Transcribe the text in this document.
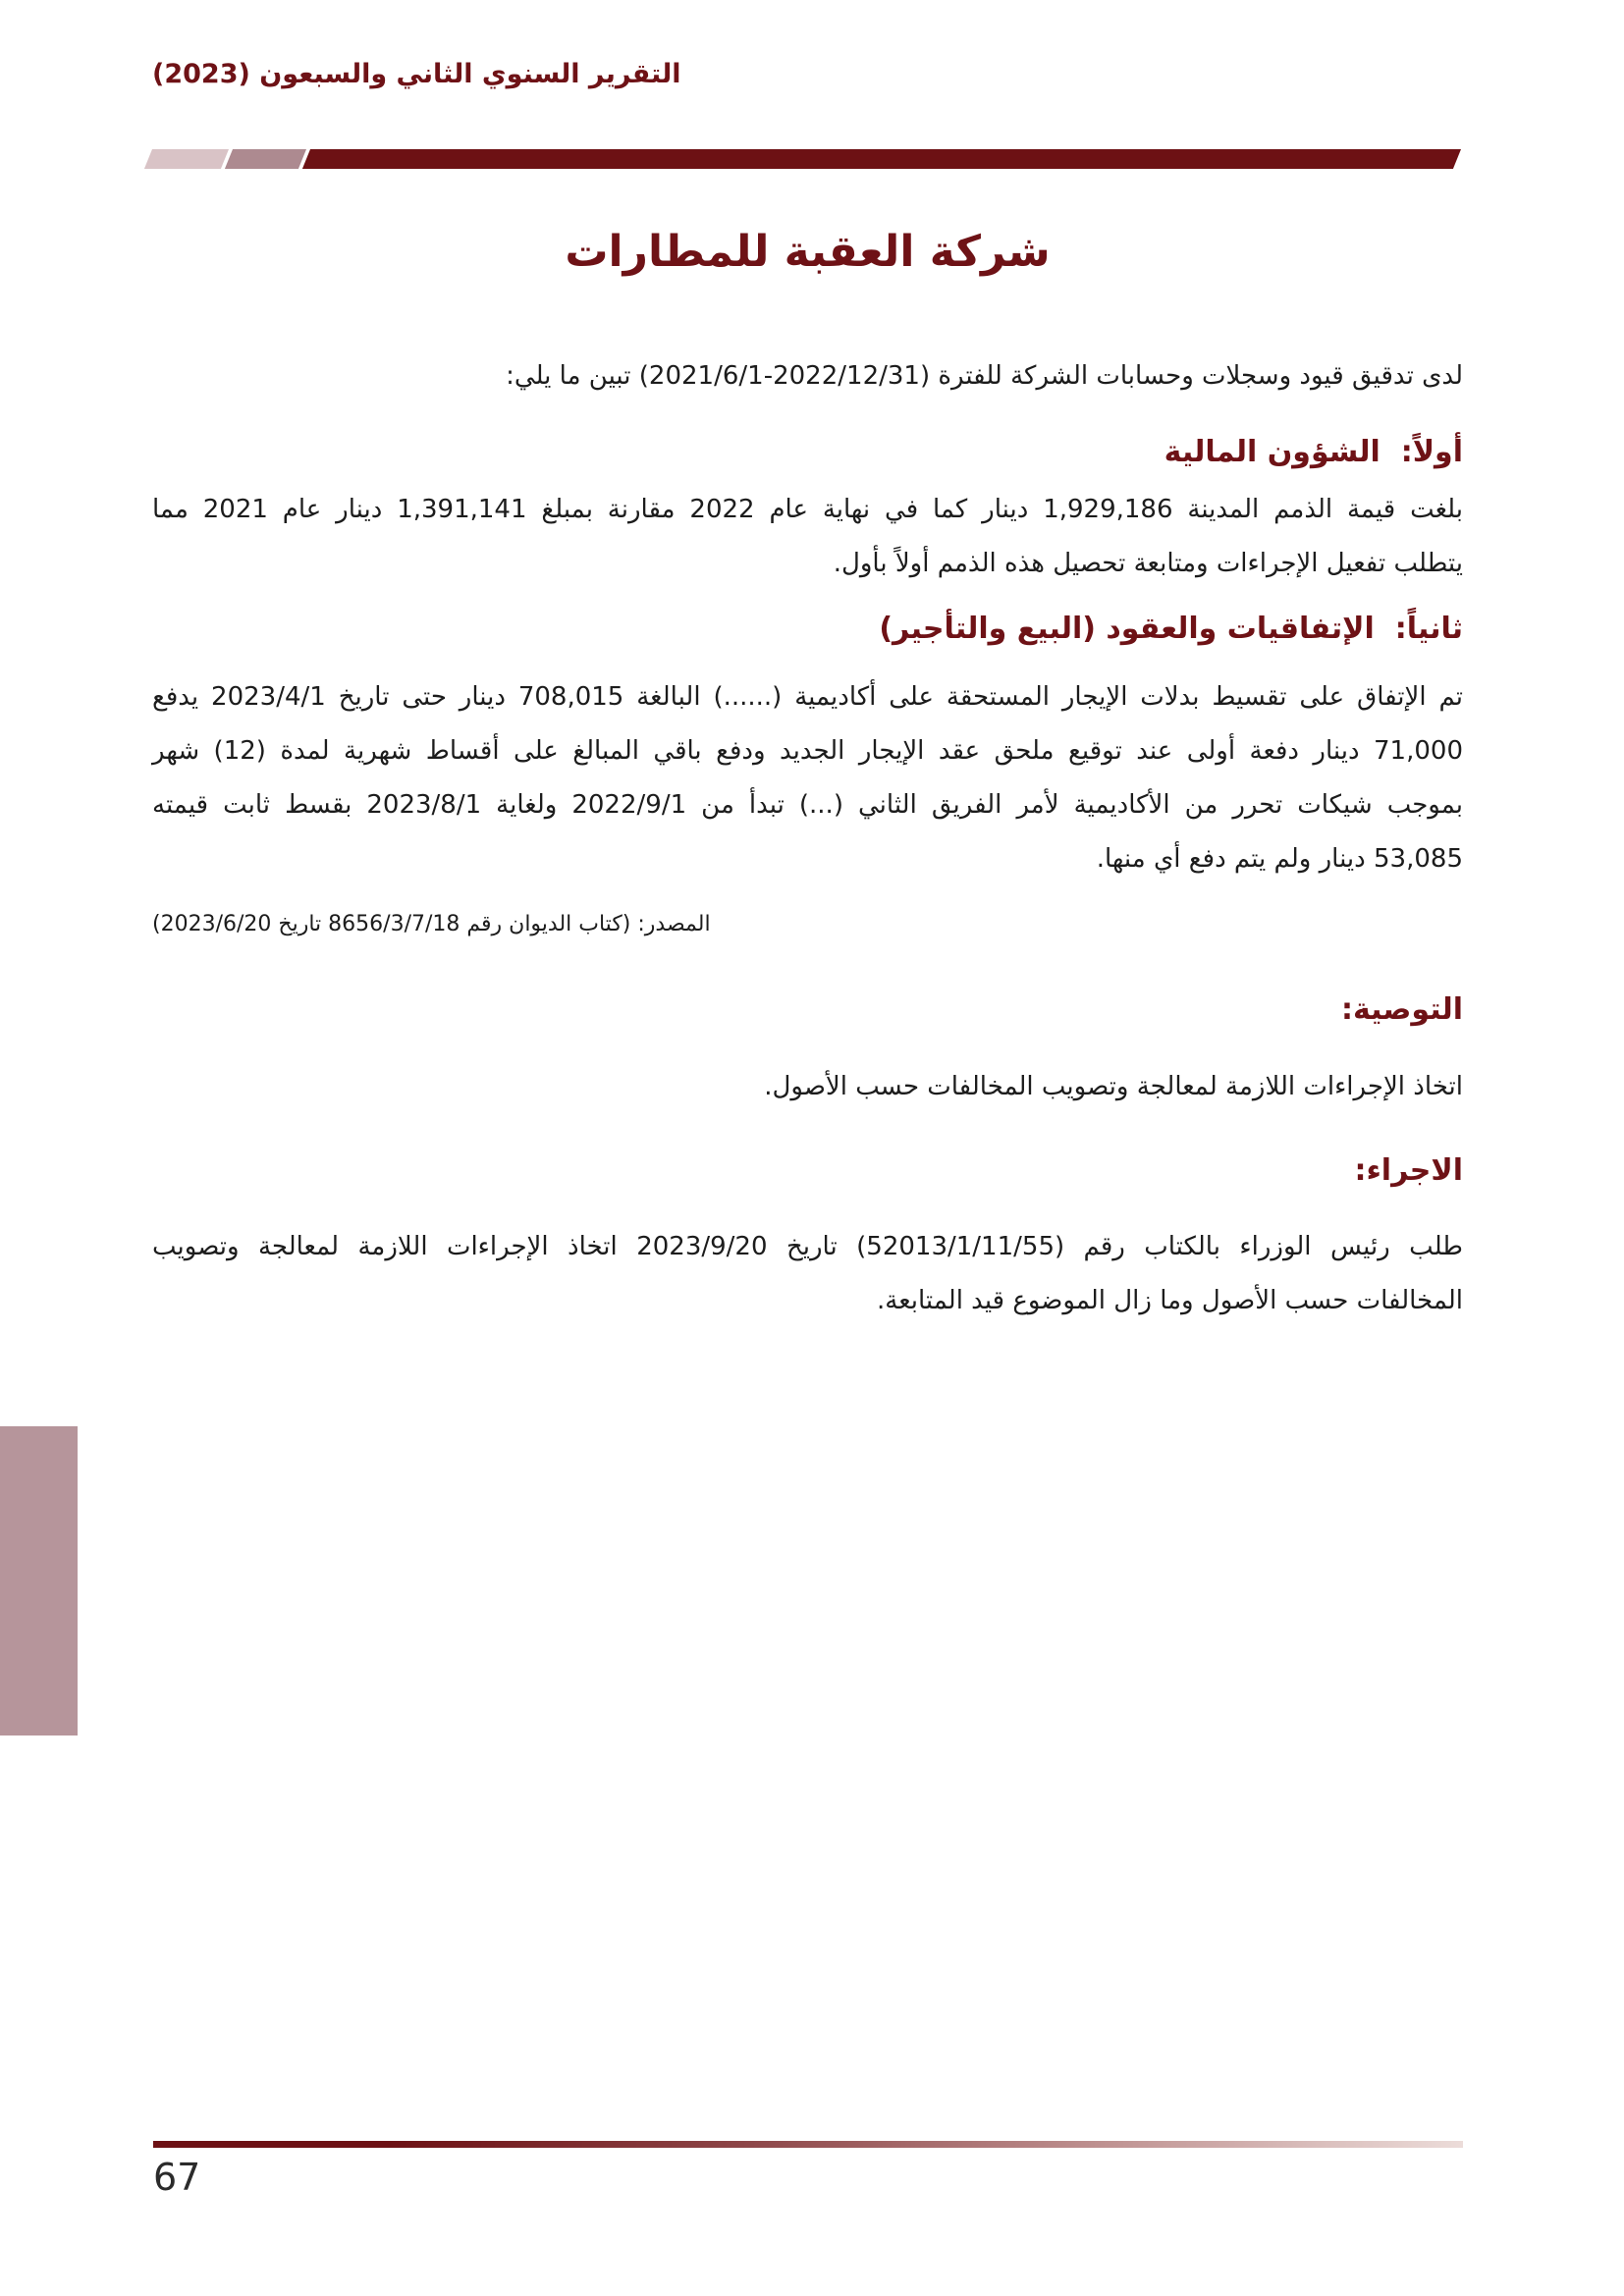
التقرير السنوي الثاني والسبعون (2023)
شركة العقبة للمطارات
لدى تدقيق قيود وسجلات وحسابات الشركة للفترة (2022/12/31-2021/6/1) تبين ما يلي:
أولاً:  الشؤون المالية
بلغت قيمة الذمم المدينة 1,929,186 دينار كما في نهاية عام 2022 مقارنة بمبلغ 1,391,141 دينار عام 2021 مما
يتطلب تفعيل الإجراءات ومتابعة تحصيل هذه الذمم أولاً بأول.
ثانياً:  الإتفاقيات والعقود (البيع والتأجير)
تم الإتفاق على تقسيط بدلات الإيجار المستحقة على أكاديمية (......) البالغة 708,015 دينار حتى تاريخ 2023/4/1 يدفع
71,000 دينار دفعة أولى عند توقيع ملحق عقد الإيجار الجديد ودفع باقي المبالغ على أقساط شهرية لمدة (12) شهر
بموجب شيكات تحرر من الأكاديمية لأمر الفريق الثاني (...) تبدأ من 2022/9/1 ولغاية 2023/8/1 بقسط ثابت قيمته
53,085 دينار ولم يتم دفع أي منها.
المصدر: (كتاب الديوان رقم 8656/3/7/18 تاريخ 2023/6/20)
التوصية:
اتخاذ الإجراءات اللازمة لمعالجة وتصويب المخالفات حسب الأصول.
الاجراء:
طلب رئيس الوزراء بالكتاب رقم (52013/1/11/55) تاريخ 2023/9/20 اتخاذ الإجراءات اللازمة لمعالجة وتصويب
المخالفات حسب الأصول وما زال الموضوع قيد المتابعة.
67
